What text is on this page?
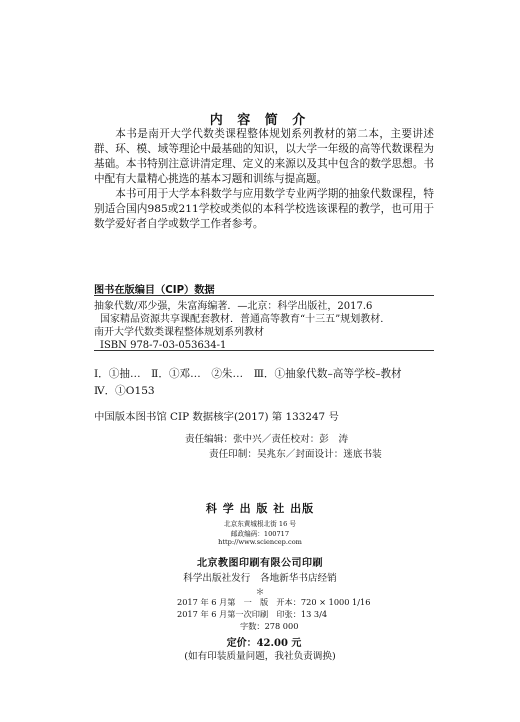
内 容 简 介

本书是南开大学代数类课程整体规划系列教材的第二本，主要讲述群、环、模、域等理论中最基础的知识，以大学一年级的高等代数课程为基础。本书特别注意讲清定理、定义的来源以及其中包含的数学思想。书中配有大量精心挑选的基本习题和训练与提高题。

本书可用于大学本科数学与应用数学专业两学期的抽象代数课程，特别适合国内985或211学校或类似的本科学校选该课程的教学，也可用于数学爱好者自学或数学工作者参考。

图书在版编目（CIP）数据

抽象代数/邓少强，朱富海编著．—北京：科学出版社，2017.6

国家精品资源共享课配套教材．普通高等教育“十三五”规划教材．

南开大学代数类课程整体规划系列教材

ISBN 978-7-03-053634-1

Ⅰ．①抽…　Ⅱ．①邓…　②朱…　Ⅲ．①抽象代数–高等学校–教材

Ⅳ．①O153

中国版本图书馆 CIP 数据核字(2017) 第 133247 号
责任编辑：张中兴／责任校对：彭　涛
责任印制：吴兆东／封面设计：迷底书装
科 学 出 版 社 出版
北京东黄城根北街 16 号
邮政编码：100717
http://www.sciencep.com
北京教图印刷有限公司印刷
科学出版社发行　各地新华书店经销
＊
2017 年 6 月第　一　版　开本：720 × 1000 1/16
2017 年 6 月第一次印刷　印张：13 3/4
字数：278 000
定价：42.00 元
(如有印装质量问题，我社负责调换)
